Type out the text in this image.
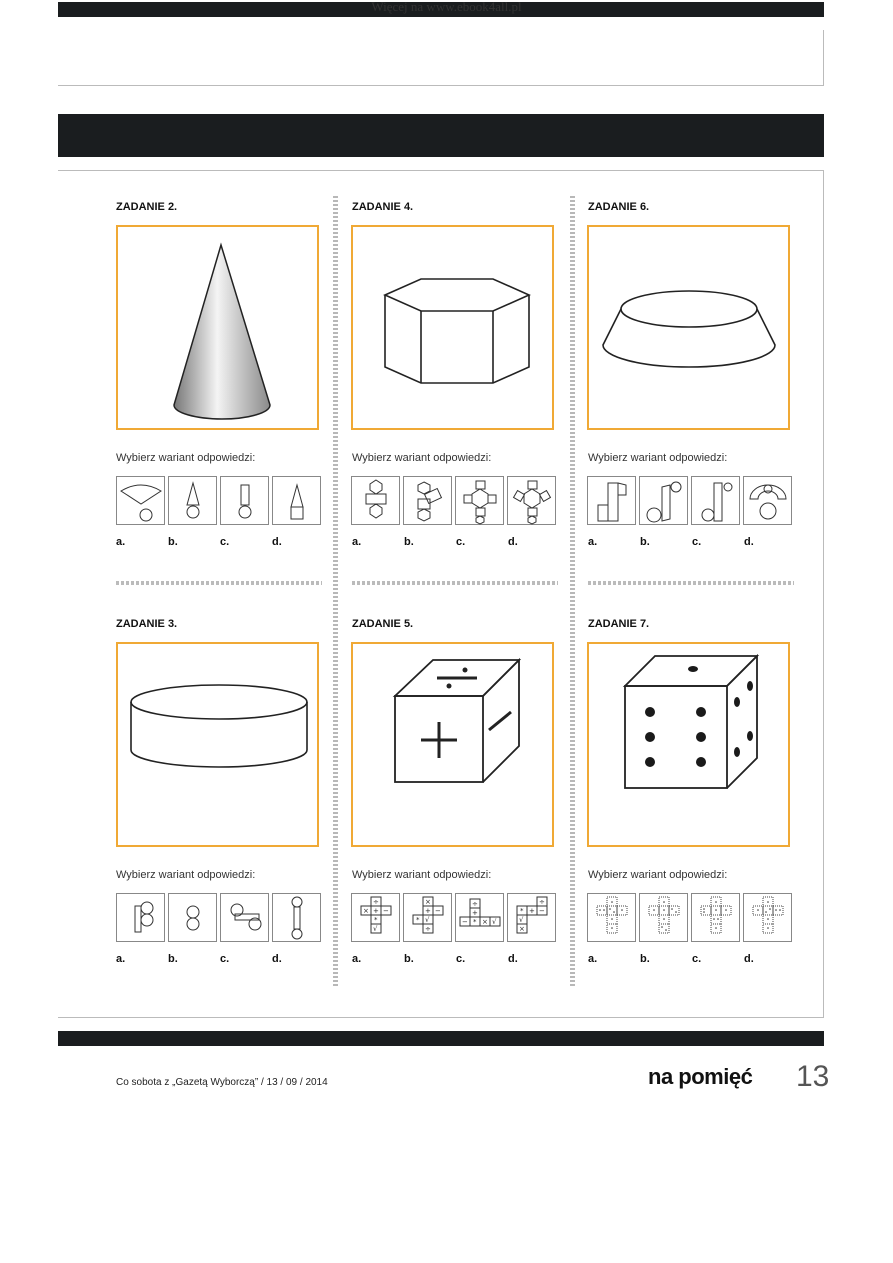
Więcej na www.ebook4all.pl
ZADANIE 2.
Wybierz wariant odpowiedzi:
a.	b.	c.	d.
ZADANIE 4.
Wybierz wariant odpowiedzi:
a.	b.	c.	d.
ZADANIE 6.
Wybierz wariant odpowiedzi:
a.	b.	c.	d.
ZADANIE 3.
Wybierz wariant odpowiedzi:
a.	b.	c.	d.
ZADANIE 5.
Wybierz wariant odpowiedzi:
÷
× + −
*
√
×
+ −
* √
÷
÷
+
− * × √
÷
* + −
√
×
a.	b.	c.	d.
ZADANIE 7.
Wybierz wariant odpowiedzi:
a.	b.	c.	d.
Co sobota z „Gazetą Wyborczą” / 13 / 09 / 2014	na pomięć 13
